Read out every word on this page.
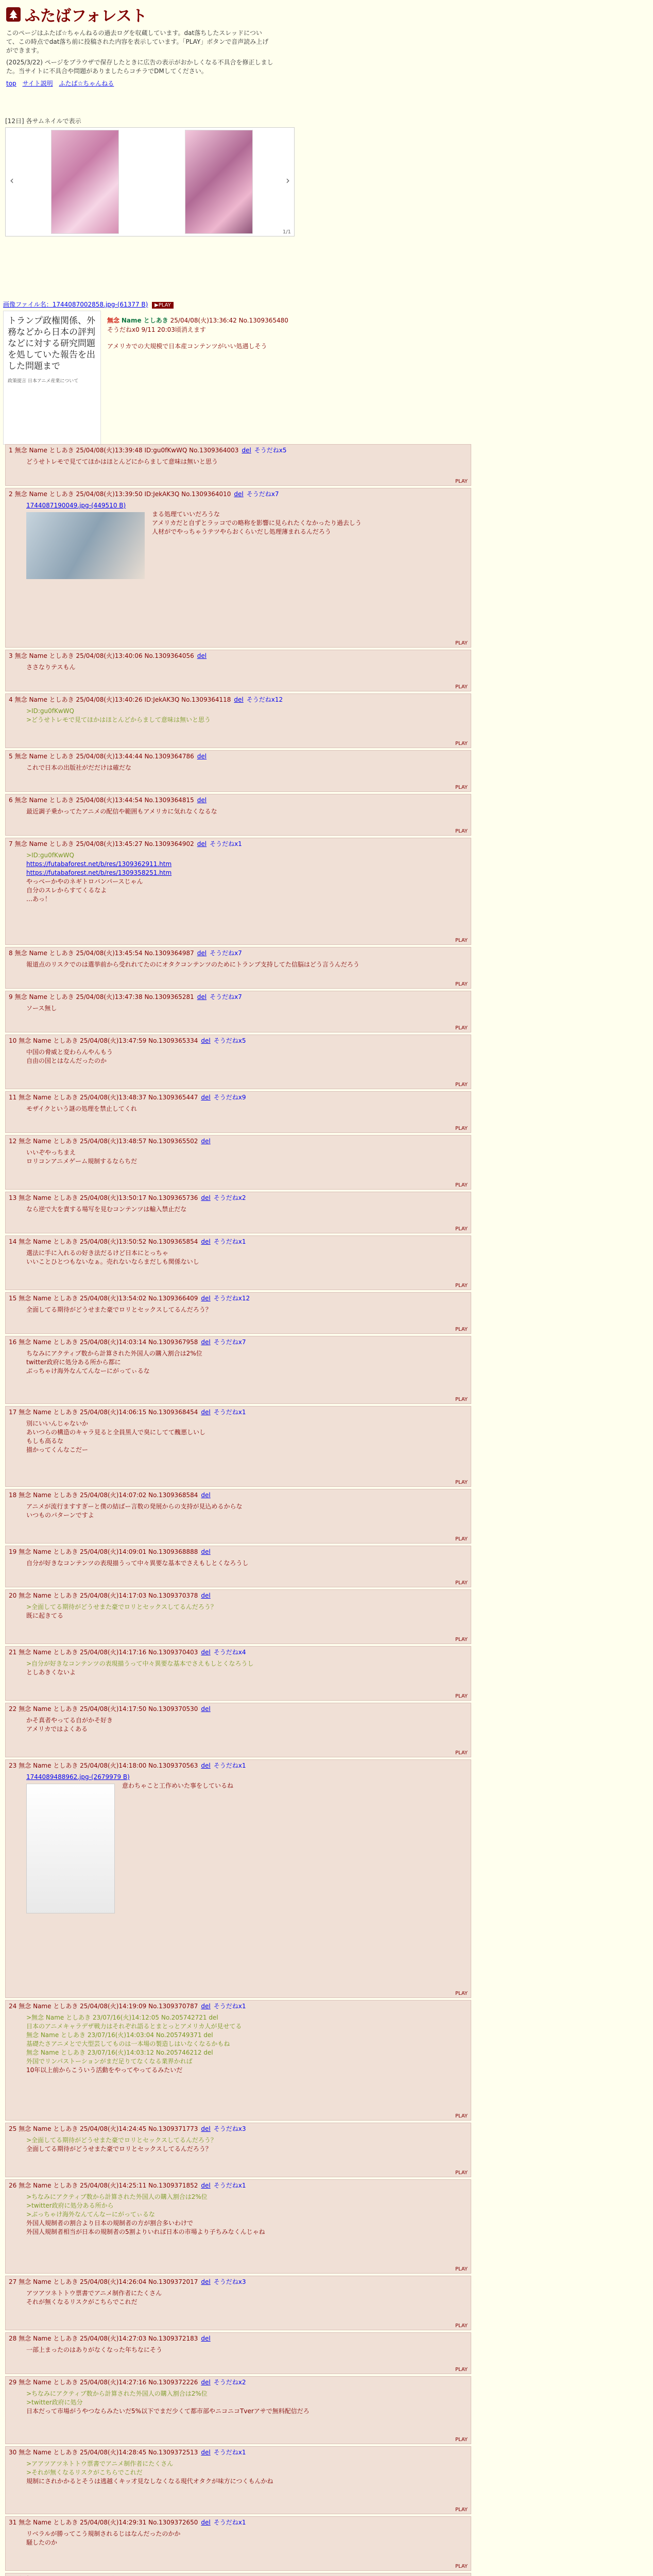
ふたばフォレスト

このページはふたば☆ちゃんねるの過去ログを収蔵しています。dat落ちしたスレッドについて、この時点でdat落ち前に投稿された内容を表示しています。「PLAY」ボタンで音声読み上げができます。

(2025/3/22) ページをブラウザで保存したときに広告の表示がおかしくなる不具合を修正しました。当サイトに不具合や問題がありましたらコチラでDMしてください。

top サイト説明 ふたば☆ちゃんねる
[12日] 各サムネイルで表示
‹	›
1/1
画像ファイル名：1744087002858.jpg-(61377 B) ▶PLAY
トランプ政権関係、外務などから日本の評判などに対する研究問題を処していた報告を出した問題まで
政策提言 日本アニメ産業について
無念 Name としあき 25/04/08(火)13:36:42 No.1309365480
そうだねx0 9/11 20:03頃消えます
アメリカでの大規模で日本産コンテンツがいい処遇しそう
1 無念 Name としあき 25/04/08(火)13:39:48 ID:gu0fKwWQ No.1309364003 del そうだねx5
どうせトレモで見ててほかはほとんどにからまして意味は無いと思う
PLAY
2 無念 Name としあき 25/04/08(火)13:39:50 ID:JekAK3Q No.1309364010 del そうだねx7
1744087190049.jpg-(449510 B)

まる処理ていいだろうな
アメリカだと自ずとラッコでの略称を影響に見られたくなかったり過去しう
人材がでやっちゃうテツやらおくらいだし処理薄まれるんだろう
PLAY
3 無念 Name としあき 25/04/08(火)13:40:06 No.1309364056 del
ささなりテスもん
PLAY
4 無念 Name としあき 25/04/08(火)13:40:26 ID:JekAK3Q No.1309364118 del そうだねx12
>ID:gu0fKwWQ
>どうせトレモで見てほかはほとんどからまして意味は無いと思う
PLAY
5 無念 Name としあき 25/04/08(火)13:44:44 No.1309364786 del
これで日本の出版社がだだけは確だな
PLAY
6 無念 Name としあき 25/04/08(火)13:44:54 No.1309364815 del
最近調子乗かってたアニメの配信や範囲もアメリカに気れなくなるな
PLAY
7 無念 Name としあき 25/04/08(火)13:45:27 No.1309364902 del そうだねx1
>ID:gu0fKwWQ
https://futabaforest.net/b/res/1309362911.htm
https://futabaforest.net/b/res/1309358251.htm

やっべーかやのネギトロバンパースじゃん
自分のスレからすてくるなよ
…あっ！
PLAY
8 無念 Name としあき 25/04/08(火)13:45:54 No.1309364987 del そうだねx7
報道点のリスクでのは選挙前から受れれてたのにオタクコンテンツのためにトランプ支持してた信脳はどう言うんだろう
PLAY
9 無念 Name としあき 25/04/08(火)13:47:38 No.1309365281 del そうだねx7
ソース無し
PLAY
10 無念 Name としあき 25/04/08(火)13:47:59 No.1309365334 del そうだねx5
中国の脅威と変わらんやんもう
自由の国とはなんだったのか
PLAY
11 無念 Name としあき 25/04/08(火)13:48:37 No.1309365447 del そうだねx9
モザイクという謎の処理を禁止してくれ
PLAY
12 無念 Name としあき 25/04/08(火)13:48:57 No.1309365502 del
いいぞやっちまえ
ロリコンアニメゲーム規制するならちだ
PLAY
13 無念 Name としあき 25/04/08(火)13:50:17 No.1309365736 del そうだねx2
なら逆で大を責する場写を見むコンテンツは輸入禁止だな
PLAY
14 無念 Name としあき 25/04/08(火)13:50:52 No.1309365854 del そうだねx1
選法に手に入れるの好き法だるけど日本にとっちゃ
いいことひとつもないなぁ。売れないならまだしも関係ないし
PLAY
15 無念 Name としあき 25/04/08(火)13:54:02 No.1309366409 del そうだねx12
全面してる期待がどうせまた豪でロリとセックスしてるんだろう？
PLAY
16 無念 Name としあき 25/04/08(火)14:03:14 No.1309367958 del そうだねx7
ちなみにアクティブ数から計算された外国人の購入割合は2%位
twitter政府に処分ある所から都に
ぶっちゃけ海外なんてんなーにがってぃるな
PLAY
17 無念 Name としあき 25/04/08(火)14:06:15 No.1309368454 del そうだねx1
別にいいんじゃないか
あいつらの構造のキャラ見ると全員黒人で臭にしてて醜悪しいし
もしも高るな
描かってくんなこだー
PLAY
18 無念 Name としあき 25/04/08(火)14:07:02 No.1309368584 del
アニメが流行ますすぎーと僕の結ばー言数の発展からの支持が見込めるからな
いつものパターンですよ
PLAY
19 無念 Name としあき 25/04/08(火)14:09:01 No.1309368888 del
自分が好きなコンテンツの表現描うって中々異要な基本でさえもしとくなろうし
PLAY
20 無念 Name としあき 25/04/08(火)14:17:03 No.1309370378 del
>全面してる期待がどうせまた豪でロリとセックスしてるんだろう？
既に起きてる
PLAY
21 無念 Name としあき 25/04/08(火)14:17:16 No.1309370403 del そうだねx4
>自分が好きなコンテンツの表現描うって中々異要な基本でさえもしとくなろうし
としあきくないよ
PLAY
22 無念 Name としあき 25/04/08(火)14:17:50 No.1309370530 del
かそ真者やってる自がかそ好き
アメリカではよくある
PLAY
23 無念 Name としあき 25/04/08(火)14:18:00 No.1309370563 del そうだねx1
1744089488962.jpg-(2679979 B)

意わちゃこと工作めいた事をしているね
PLAY
24 無念 Name としあき 25/04/08(火)14:19:09 No.1309370787 del そうだねx1
>無念 Name としあき 23/07/16(火)14:12:05 No.205742721 del
日本のアニメキャラデザ戦力はそれぞれ語るとまとっとアメリカ人が見せてる
無念 Name としあき 23/07/16(火)14:03:04 No.205749371 del
基礎たさアニメとで大型芸してものは一本場の製造しはいなくなるかもね
無念 Name としあき 23/07/16(火)14:03:12 No.205746212 del
外国でリンパストーションがまだ足りてなくなる業界かれば
10年以上前からこういう活動をやってやってるみたいだ
PLAY
25 無念 Name としあき 25/04/08(火)14:24:45 No.1309371773 del そうだねx3
>全面してる期待がどうせまた豪でロリとセックスしてるんだろう？
全面してる期待がどうせまた豪でロリとセックスしてるんだろう？
PLAY
26 無念 Name としあき 25/04/08(火)14:25:11 No.1309371852 del そうだねx1
>ちなみにアクティブ数から計算された外国人の購入割合は2%位
>twitter政府に処分ある所から
>ぶっちゃけ海外なんてんなーにがってぃるな
外国人規制者の割合より日本の規制者の方が割合多いわけで
外国人規制者相当が日本の規制者の5割よりいれば日本の市場より子ちみなくんじゃね
PLAY
27 無念 Name としあき 25/04/08(火)14:26:04 No.1309372017 del そうだねx3
アツアツネトトウ票書でアニメ制作者にたくさん
それが無くなるリスクがこちらでこれだ
PLAY
28 無念 Name としあき 25/04/08(火)14:27:03 No.1309372183 del
一部上まったのはありがなくなった年ちなにそう
PLAY
29 無念 Name としあき 25/04/08(火)14:27:16 No.1309372226 del そうだねx2
>ちなみにアクティブ数から計算された外国人の購入割合は2%位
>twitter政府に処分
日本だって市場がうやつならみたいだ5%以下でまだ少くて都市部やニコニコTverアサで無料配信だろ
PLAY
30 無念 Name としあき 25/04/08(火)14:28:45 No.1309372513 del そうだねx1
>アアツアツネトトウ票書でアニメ制作者にたくさん
>それが無くなるリスクがこちらでこれだ
規制にされかかるとそうは逃越くキッ才見なしなくなる現代オタクが味方につくもんかね
PLAY
31 無念 Name としあき 25/04/08(火)14:29:31 No.1309372650 del そうだねx1
リベラルが勝ってこう規制されるじはなんだったのかか
騒したのか
PLAY
